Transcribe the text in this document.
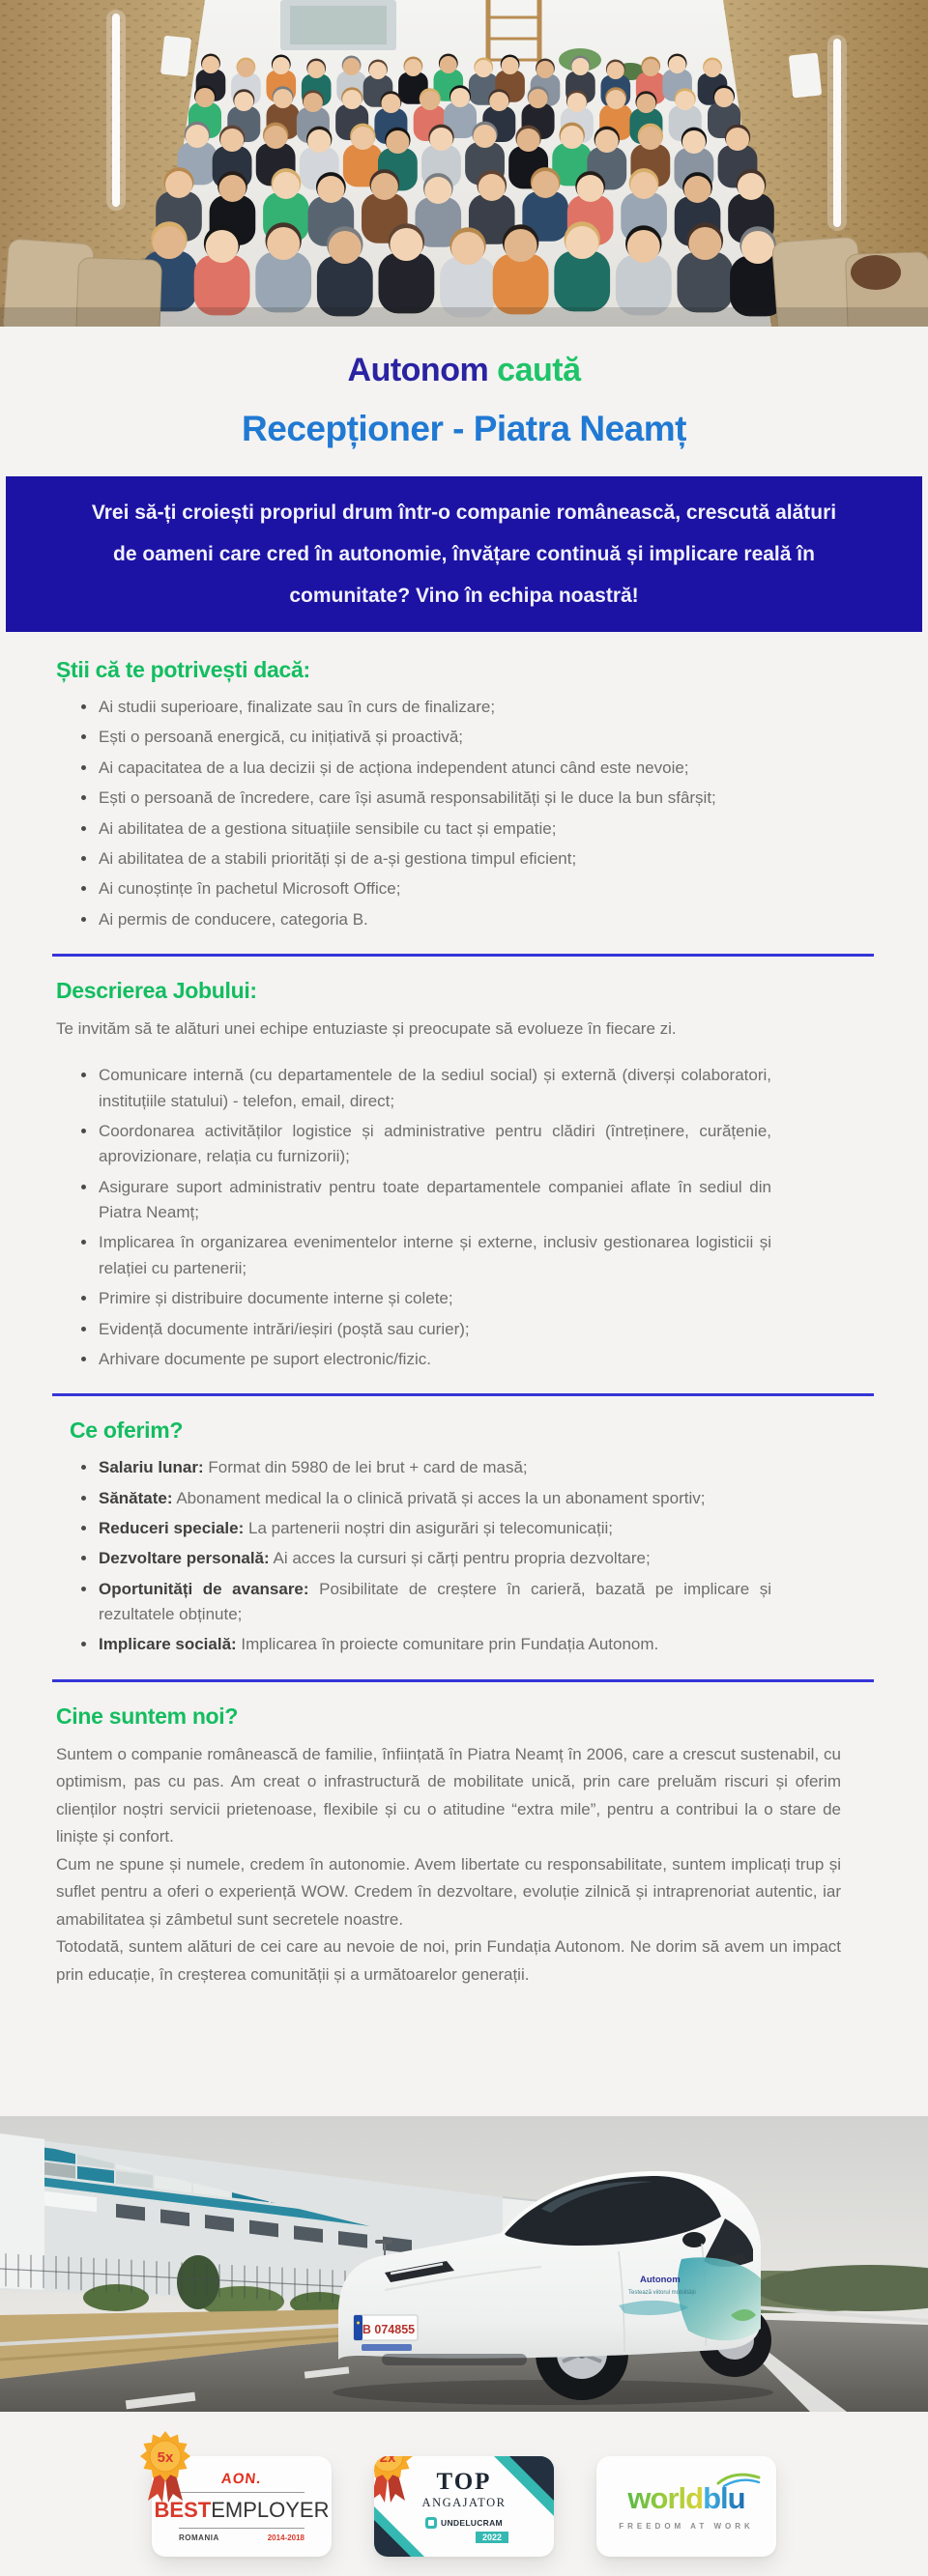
Autonom caută
Recepționer - Piatra Neamț

Vrei să-ți croiești propriul drum într-o companie românească, crescută alături de oameni care cred în autonomie, învățare continuă și implicare reală în comunitate? Vino în echipa noastră!

Știi că te potrivești dacă:
Ai studii superioare, finalizate sau în curs de finalizare;
Ești o persoană energică, cu inițiativă și proactivă;
Ai capacitatea de a lua decizii și de acționa independent atunci când este nevoie;
Ești o persoană de încredere, care își asumă responsabilități și le duce la bun sfârșit;
Ai abilitatea de a gestiona situațiile sensibile cu tact și empatie;
Ai abilitatea de a stabili priorități și de a-și gestiona timpul eficient;
Ai cunoștințe în pachetul Microsoft Office;
Ai permis de conducere, categoria B.
Descrierea Jobului:

Te invităm să te alături unei echipe entuziaste și preocupate să evolueze în fiecare zi.

Comunicare internă (cu departamentele de la sediul social) și externă (diverși colaboratori, instituțiile statului) - telefon, email, direct;
Coordonarea activităților logistice și administrative pentru clădiri (întreținere, curățenie, aprovizionare, relația cu furnizorii);
Asigurare suport administrativ pentru toate departamentele companiei aflate în sediul din Piatra Neamț;
Implicarea în organizarea evenimentelor interne și externe, inclusiv gestionarea logisticii și relației cu partenerii;
Primire și distribuire documente interne și colete;
Evidență documente intrări/ieșiri (poștă sau curier);
Arhivare documente pe suport electronic/fizic.
Ce oferim?
Salariu lunar: Format din 5980 de lei brut + card de masă;
Sănătate: Abonament medical la o clinică privată și acces la un abonament sportiv;
Reduceri speciale: La partenerii noștri din asigurări și telecomunicații;
Dezvoltare personală: Ai acces la cursuri și cărți pentru propria dezvoltare;
Oportunități de avansare: Posibilitate de creștere în carieră, bazată pe implicare și rezultatele obținute;
Implicare socială: Implicarea în proiecte comunitare prin Fundația Autonom.
Cine suntem noi?

Suntem o companie românească de familie, înființată în Piatra Neamț în 2006, care a crescut sustenabil, cu optimism, pas cu pas. Am creat o infrastructură de mobilitate unică, prin care preluăm riscuri și oferim clienților noștri servicii prietenoase, flexibile și cu o atitudine “extra mile”, pentru a contribui la o stare de liniște și confort.

Cum ne spune și numele, credem în autonomie. Avem libertate cu responsabilitate, suntem implicați trup și suflet pentru a oferi o experiență WOW. Credem în dezvoltare, evoluție zilnică și intraprenoriat autentic, iar amabilitatea și zâmbetul sunt secretele noastre.

Totodată, suntem alături de cei care au nevoie de noi, prin Fundația Autonom. Ne dorim să avem un impact prin educație, în creșterea comunității și a următoarelor generații.

B 074855
Autonom
Testează viitorul mobilității
5x
AON.
BESTEMPLOYER
ROMANIA	2014-2018
2x
TOP
ANGAJATOR
UNDELUCRAM
2022
worldblu
FREEDOM AT WORK
